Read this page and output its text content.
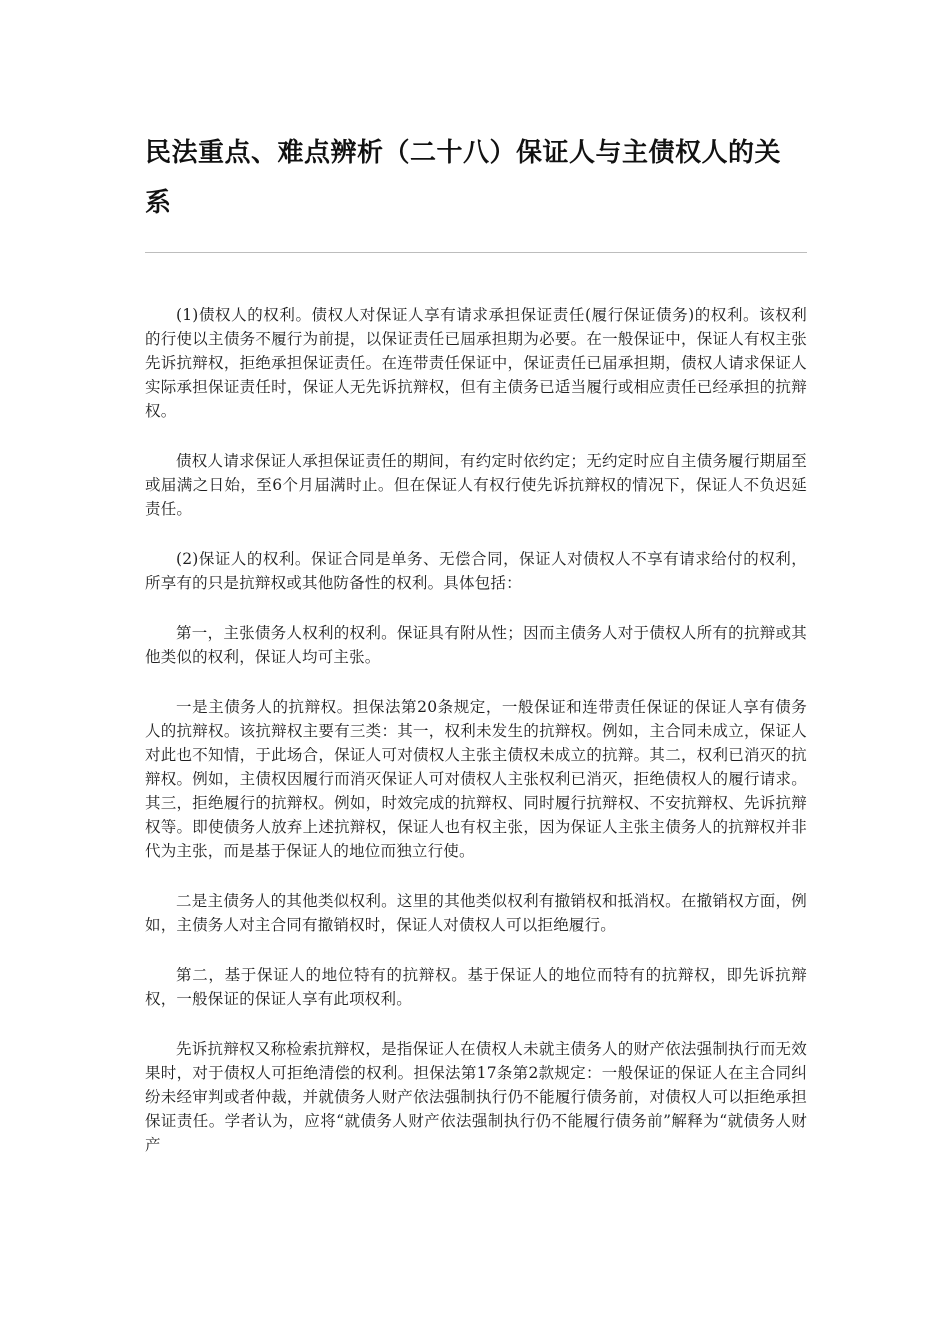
民法重点、难点辨析（二十八）保证人与主债权人的关系

(1)债权人的权利。债权人对保证人享有请求承担保证责任(履行保证债务)的权利。该权利的行使以主债务不履行为前提，以保证责任已屆承担期为必要。在一般保证中，保证人有权主张先诉抗辩权，拒绝承担保证责任。在连带责任保证中，保证责任已届承担期，债权人请求保证人实际承担保证责任时，保证人无先诉抗辩权，但有主债务已适当履行或相应责任已经承担的抗辩权。

债权人请求保证人承担保证责任的期间，有约定时依约定；无约定时应自主债务履行期届至或届满之日始，至6个月届满时止。但在保证人有权行使先诉抗辩权的情况下，保证人不负迟延责任。

(2)保证人的权利。保证合同是单务、无偿合同，保证人对债权人不享有请求给付的权利，所享有的只是抗辩权或其他防备性的权利。具体包括：

第一，主张债务人权利的权利。保证具有附从性；因而主债务人对于债权人所有的抗辩或其他类似的权利，保证人均可主张。

一是主债务人的抗辩权。担保法第20条规定，一般保证和连带责任保证的保证人享有债务人的抗辩权。该抗辩权主要有三类：其一，权利未发生的抗辩权。例如，主合同未成立，保证人对此也不知情，于此场合，保证人可对债权人主张主债权未成立的抗辩。其二，权利已消灭的抗辩权。例如，主债权因履行而消灭保证人可对债权人主张权利已消灭，拒绝债权人的履行请求。其三，拒绝履行的抗辩权。例如，时效完成的抗辩权、同时履行抗辩权、不安抗辩权、先诉抗辩权等。即使债务人放弃上述抗辩权，保证人也有权主张，因为保证人主张主债务人的抗辩权并非代为主张，而是基于保证人的地位而独立行使。

二是主债务人的其他类似权利。这里的其他类似权利有撤销权和抵消权。在撤销权方面，例如，主债务人对主合同有撤销权时，保证人对债权人可以拒绝履行。

第二，基于保证人的地位特有的抗辩权。基于保证人的地位而特有的抗辩权，即先诉抗辩权，一般保证的保证人享有此项权利。

先诉抗辩权又称检索抗辩权，是指保证人在债权人未就主债务人的财产依法强制执行而无效果时，对于债权人可拒绝清偿的权利。担保法第17条第2款规定：一般保证的保证人在主合同纠纷未经审判或者仲裁，并就债务人财产依法强制执行仍不能履行债务前，对债权人可以拒绝承担保证责任。学者认为，应将“就债务人财产依法强制执行仍不能履行债务前”解释为“就债务人财产
